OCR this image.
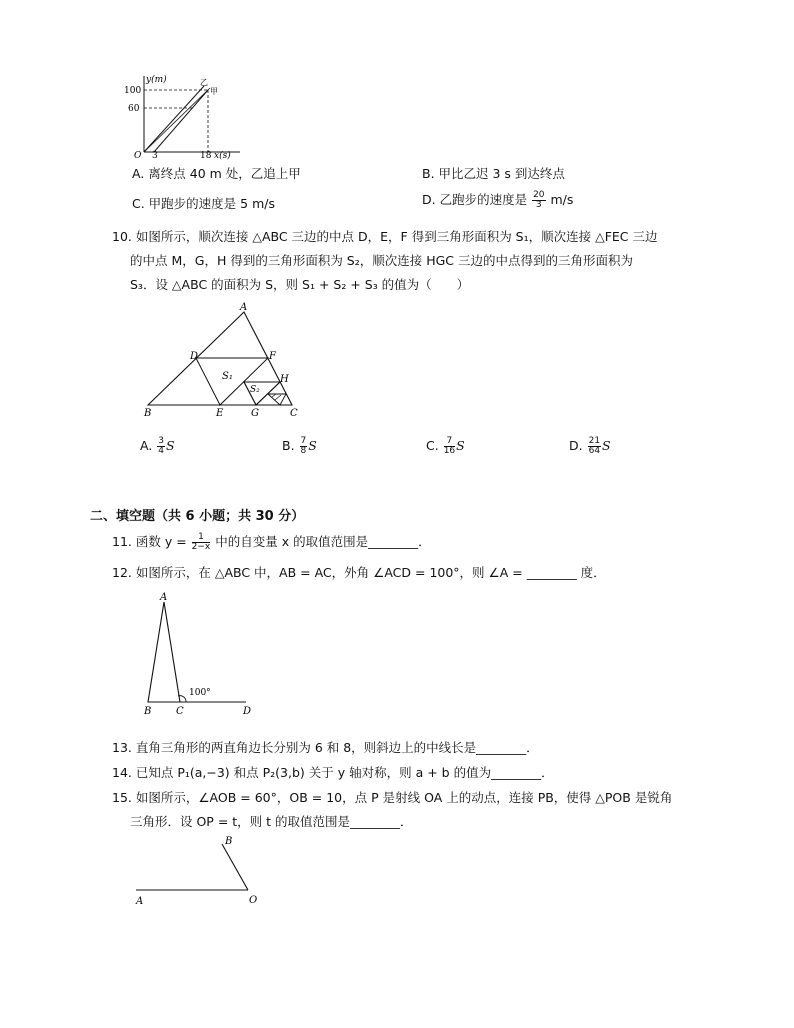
y(m)
100
60
O 3	18 x(s)
乙
甲
A. 离终点 40 m 处，乙追上甲	B. 甲比乙迟 3 s 到达终点
C. 甲跑步的速度是 5 m/s	D. 乙跑步的速度是 $\frac{20}{3} m/s$
10. 如图所示，顺次连接 △ABC 三边的中点 D，E，F 得到三角形面积为 S₁，顺次连接 △FEC 三边
的中点 M，G，H 得到的三角形面积为 S₂，顺次连接 HGC 三边的中点得到的三角形面积为
S₃．设 △ABC 的面积为 S，则 S₁ + S₂ + S₃ 的值为（　　）
A
B	C
D
E
F
G
H
S₁
S₂
A. $\frac{3}{4}$ S	B. $\frac{7}{8}$ S	C. $\frac{7}{16}$ S	D. $\frac{21}{64}$ S
二、填空题（共 6 小题；共 30 分）
11. 函数 $y = \frac{1}{2-x}$ 中的自变量 x 的取值范围是________．
12. 如图所示，在 △ABC 中，AB = AC，外角 ∠ACD = 100°，则 ∠A = ________ 度．
A
B C	D
100°
13. 直角三角形的两直角边长分别为 6 和 8，则斜边上的中线长是________．
14. 已知点 P₁(a,−3) 和点 P₂(3,b) 关于 y 轴对称，则 a + b 的值为________．
15. 如图所示，∠AOB = 60°，OB = 10，点 P 是射线 OA 上的动点，连接 PB，使得 △POB 是锐角
三角形．设 OP = t，则 t 的取值范围是________．
A	O
B
